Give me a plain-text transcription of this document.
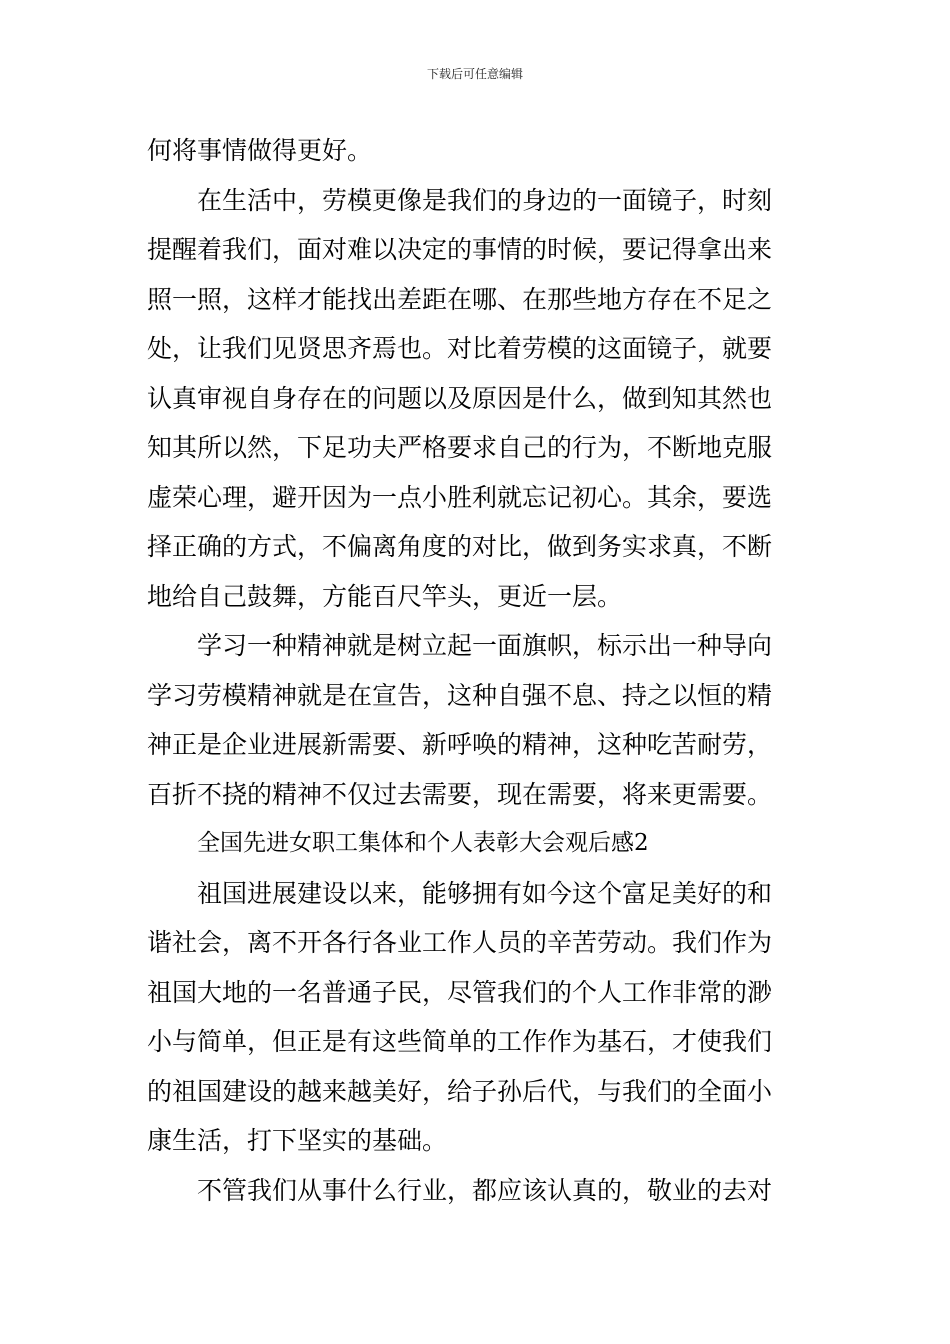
下载后可任意编辑
何将事情做得更好。
在生活中，劳模更像是我们的身边的一面镜子，时刻
提醒着我们，面对难以决定的事情的时候，要记得拿出来
照一照，这样才能找出差距在哪、在那些地方存在不足之
处，让我们见贤思齐焉也。对比着劳模的这面镜子，就要
认真审视自身存在的问题以及原因是什么，做到知其然也
知其所以然，下足功夫严格要求自己的行为，不断地克服
虚荣心理，避开因为一点小胜利就忘记初心。其余，要选
择正确的方式，不偏离角度的对比，做到务实求真，不断
地给自己鼓舞，方能百尺竿头，更近一层。
学习一种精神就是树立起一面旗帜，标示出一种导向
学习劳模精神就是在宣告，这种自强不息、持之以恒的精
神正是企业进展新需要、新呼唤的精神，这种吃苦耐劳，
百折不挠的精神不仅过去需要，现在需要，将来更需要。
全国先进女职工集体和个人表彰大会观后感2
祖国进展建设以来，能够拥有如今这个富足美好的和
谐社会，离不开各行各业工作人员的辛苦劳动。我们作为
祖国大地的一名普通子民，尽管我们的个人工作非常的渺
小与简单，但正是有这些简单的工作作为基石，才使我们
的祖国建设的越来越美好，给子孙后代，与我们的全面小
康生活，打下坚实的基础。
不管我们从事什么行业，都应该认真的，敬业的去对
